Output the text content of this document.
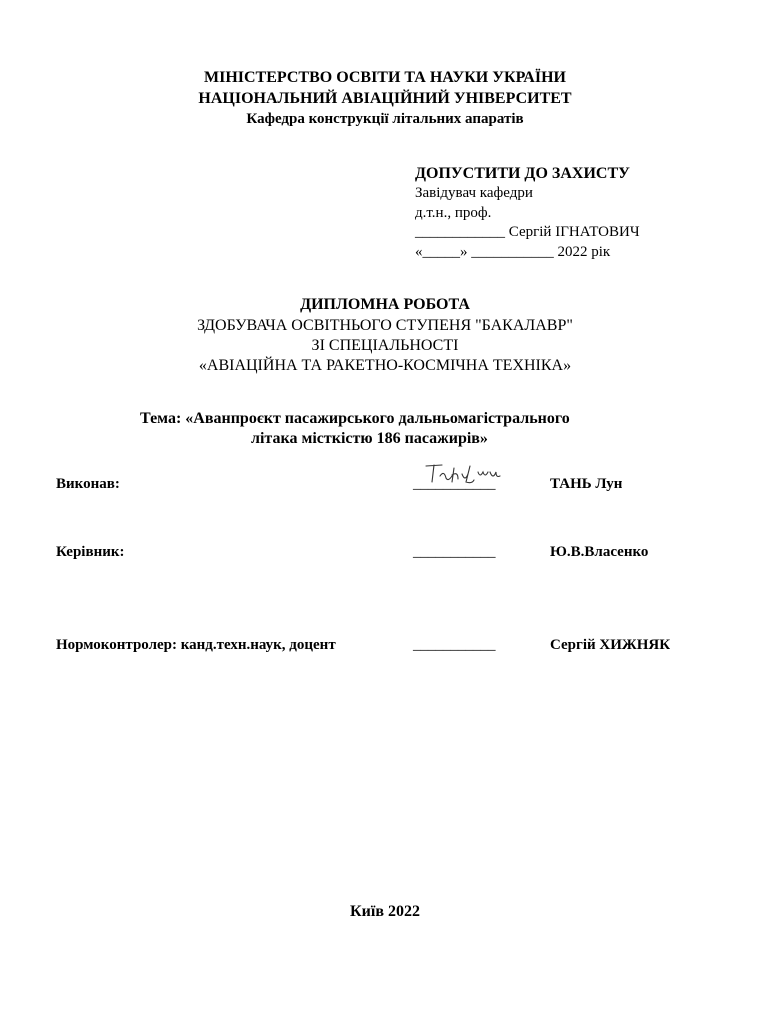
МІНІСТЕРСТВО ОСВІТИ ТА НАУКИ УКРАЇНИ
НАЦІОНАЛЬНИЙ АВІАЦІЙНИЙ УНІВЕРСИТЕТ
Кафедра конструкції літальних апаратів
ДОПУСТИТИ ДО ЗАХИСТУ
Завідувач кафедри
д.т.н., проф.
____________ Сергій ІГНАТОВИЧ
«_____» ___________ 2022 рік
ДИПЛОМНА РОБОТА
ЗДОБУВАЧА ОСВІТНЬОГО СТУПЕНЯ "БАКАЛАВР"
ЗІ СПЕЦІАЛЬНОСТІ
«АВІАЦІЙНА ТА РАКЕТНО-КОСМІЧНА ТЕХНІКА»
Тема: «Аванпроєкт пасажирського дальньомагістрального
літака місткістю 186 пасажирів»
Виконав:	___________	ТАНЬ Лун
Керівник:	___________	Ю.В.Власенко
Нормоконтролер: канд.техн.наук, доцент	___________	Сергій ХИЖНЯК
Київ 2022
